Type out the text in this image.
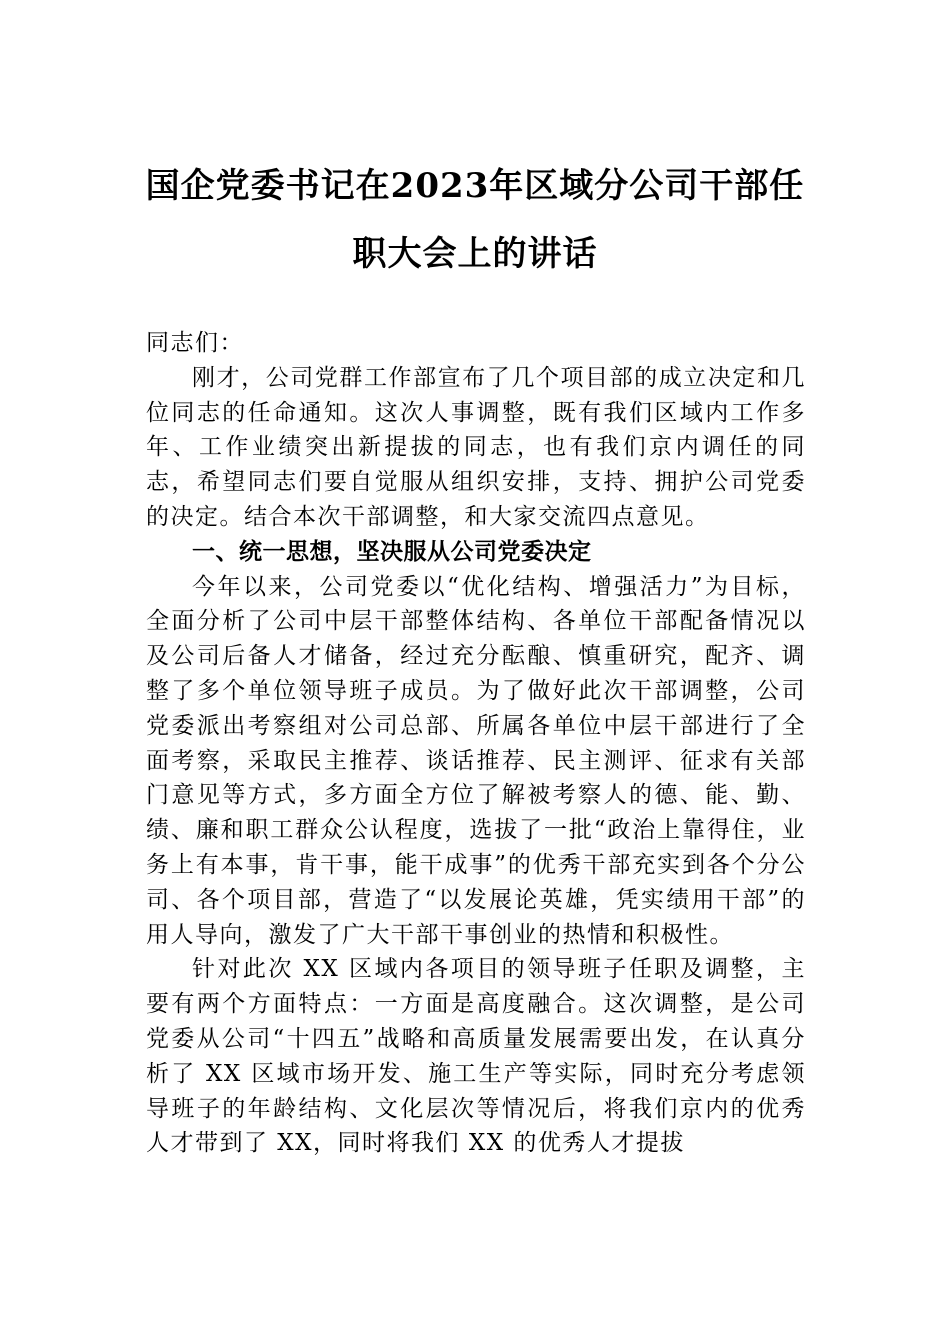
国企党委书记在2023年区域分公司干部任职大会上的讲话

同志们：

刚才，公司党群工作部宣布了几个项目部的成立决定和几位同志的任命通知。这次人事调整，既有我们区域内工作多年、工作业绩突出新提拔的同志，也有我们京内调任的同志，希望同志们要自觉服从组织安排，支持、拥护公司党委的决定。结合本次干部调整，和大家交流四点意见。

一、统一思想，坚决服从公司党委决定

今年以来，公司党委以“优化结构、增强活力”为目标，全面分析了公司中层干部整体结构、各单位干部配备情况以及公司后备人才储备，经过充分酝酿、慎重研究，配齐、调整了多个单位领导班子成员。为了做好此次干部调整，公司党委派出考察组对公司总部、所属各单位中层干部进行了全面考察，采取民主推荐、谈话推荐、民主测评、征求有关部门意见等方式，多方面全方位了解被考察人的德、能、勤、绩、廉和职工群众公认程度，选拔了一批“政治上靠得住，业务上有本事，肯干事，能干成事”的优秀干部充实到各个分公司、各个项目部，营造了“以发展论英雄，凭实绩用干部”的用人导向，激发了广大干部干事创业的热情和积极性。

针对此次 XX 区域内各项目的领导班子任职及调整，主要有两个方面特点：一方面是高度融合。这次调整，是公司党委从公司“十四五”战略和高质量发展需要出发，在认真分析了 XX 区域市场开发、施工生产等实际，同时充分考虑领导班子的年龄结构、文化层次等情况后，将我们京内的优秀人才带到了 XX，同时将我们 XX 的优秀人才提拔
